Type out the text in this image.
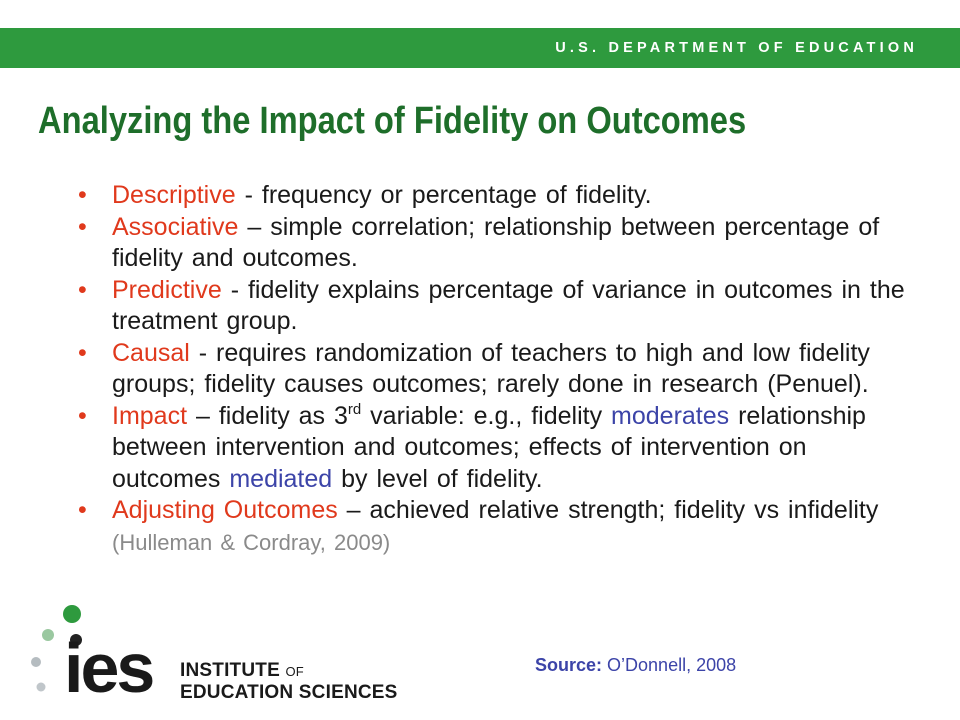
U.S. DEPARTMENT OF EDUCATION
Analyzing the Impact of Fidelity on Outcomes
• Descriptive - frequency or percentage of fidelity.
• Associative – simple correlation; relationship between percentage of fidelity and outcomes.
• Predictive - fidelity explains percentage of variance in outcomes in the treatment group.
• Causal - requires randomization of teachers to high and low fidelity groups; fidelity causes outcomes; rarely done in research (Penuel).
• Impact – fidelity as 3rd variable: e.g., fidelity moderates relationship between intervention and outcomes; effects of intervention on outcomes mediated by level of fidelity.
• Adjusting Outcomes – achieved relative strength; fidelity vs infidelity (Hulleman & Cordray, 2009)
ies INSTITUTE OF
EDUCATION SCIENCES
Source: O’Donnell, 2008
